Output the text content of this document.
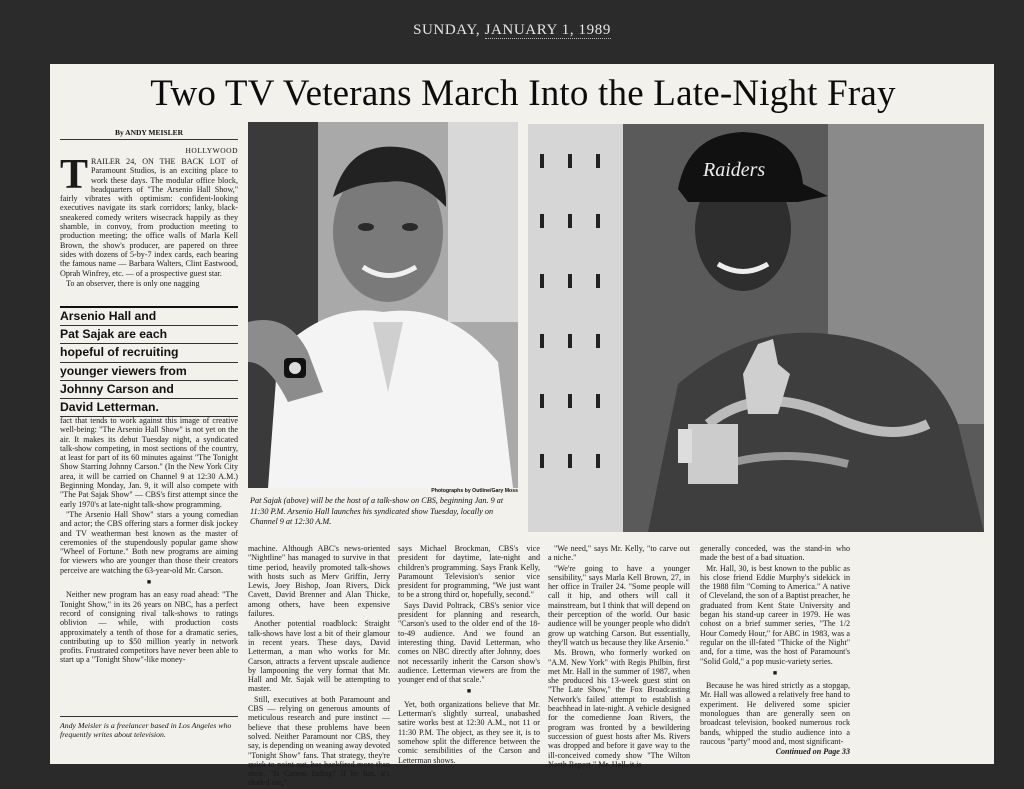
SUNDAY, JANUARY 1, 1989
Two TV Veterans March Into the Late-Night Fray
By ANDY MEISLER
HOLLYWOOD

TRAILER 24, ON THE BACK LOT of Paramount Studios, is an exciting place to work these days. The modular office block, headquarters of "The Arsenio Hall Show," fairly vibrates with optimism: confident-looking executives navigate its stark corridors; lanky, black-sneakered comedy writers wisecrack happily as they shamble, in convoy, from production meeting to production meeting; the office walls of Marla Kell Brown, the show's producer, are papered on three sides with dozens of 5-by-7 index cards, each bearing the famous name — Barbara Walters, Clint Eastwood, Oprah Winfrey, etc. — of a prospective guest star.

To an observer, there is only one nagging

Arsenio Hall and
Pat Sajak are each
hopeful of recruiting
younger viewers from
Johnny Carson and
David Letterman.

fact that tends to work against this image of creative well-being: "The Arsenio Hall Show" is not yet on the air. It makes its debut Tuesday night, a syndicated talk-show competing, in most sections of the country, at least for part of its 60 minutes against "The Tonight Show Starring Johnny Carson." (In the New York City area, it will be carried on Channel 9 at 12:30 A.M.) Beginning Monday, Jan. 9, it will also compete with "The Pat Sajak Show" — CBS's first attempt since the early 1970's at late-night talk-show programming.

"The Arsenio Hall Show" stars a young comedian and actor; the CBS offering stars a former disk jockey and TV weatherman best known as the master of ceremonies of the stupendously popular game show "Wheel of Fortune." Both new programs are aiming for viewers who are younger than those their creators perceive are watching the 63-year-old Mr. Carson.

■

Neither new program has an easy road ahead: "The Tonight Show," in its 26 years on NBC, has a perfect record of consigning rival talk-shows to ratings oblivion — while, with production costs approximately a tenth of those for a dramatic series, contributing up to $50 million yearly in network profits. Frustrated competitors have never been able to start up a "Tonight Show"-like money-

Andy Meisler is a freelancer based in Los Angeles who frequently writes about television.
Raiders
Photographs by Outline/Gary Moss
Pat Sajak (above) will be the host of a talk-show on CBS, beginning Jan. 9 at 11:30 P.M. Arsenio Hall launches his syndicated show Tuesday, locally on Channel 9 at 12:30 A.M.

machine. Although ABC's news-oriented "Nightline" has managed to survive in that time period, heavily promoted talk-shows with hosts such as Merv Griffin, Jerry Lewis, Joey Bishop, Joan Rivers, Dick Cavett, David Brenner and Alan Thicke, among others, have been expensive failures.

Another potential roadblock: Straight talk-shows have lost a bit of their glamour in recent years. These days, David Letterman, a man who works for Mr. Carson, attracts a fervent upscale audience by lampooning the very format that Mr. Hall and Mr. Sajak will be attempting to master.

Still, executives at both Paramount and CBS — relying on generous amounts of meticulous research and pure instinct — believe that these problems have been solved. Neither Paramount nor CBS, they say, is depending on weaning away devoted "Tonight Show" fans. That strategy, they're quick to point out, has backfired more than once. "Is Carson fading? If he has, it's eluded me,"

says Michael Brockman, CBS's vice president for daytime, late-night and children's programming. Says Frank Kelly, Paramount Television's senior vice president for programming, "We just want to be a strong third or, hopefully, second."

Says David Poltrack, CBS's senior vice president for planning and research, "Carson's used to the older end of the 18-to-49 audience. And we found an interesting thing. David Letterman, who comes on NBC directly after Johnny, does not necessarily inherit the Carson show's audience. Letterman viewers are from the younger end of that scale."

■

Yet, both organizations believe that Mr. Letterman's slightly surreal, unabashed satire works best at 12:30 A.M., not 11 or 11:30 P.M. The object, as they see it, is to somehow split the difference between the comic sensibilities of the Carson and Letterman shows.

"We need," says Mr. Kelly, "to carve out a niche."

"We're going to have a younger sensibility," says Marla Kell Brown, 27, in her office in Trailer 24. "Some people will call it hip, and others will call it mainstream, but I think that will depend on their perception of the world. Our basic audience will be younger people who didn't grow up watching Carson. But essentially, they'll watch us because they like Arsenio."

Ms. Brown, who formerly worked on "A.M. New York" with Regis Philbin, first met Mr. Hall in the summer of 1987, when she produced his 13-week guest stint on "The Late Show," the Fox Broadcasting Network's failed attempt to establish a beachhead in late-night. A vehicle designed for the comedienne Joan Rivers, the program was fronted by a bewildering succession of guest hosts after Ms. Rivers was dropped and before it gave way to the ill-conceived comedy show "The Wilton North Report." Mr. Hall, it is

generally conceded, was the stand-in who made the best of a bad situation.

Mr. Hall, 30, is best known to the public as his close friend Eddie Murphy's sidekick in the 1988 film "Coming to America." A native of Cleveland, the son of a Baptist preacher, he graduated from Kent State University and began his stand-up career in 1979. He was cohost on a brief summer series, "The 1/2 Hour Comedy Hour," for ABC in 1983, was a regular on the ill-fated "Thicke of the Night" and, for a time, was the host of Paramount's "Solid Gold," a pop music-variety series.

■

Because he was hired strictly as a stopgap, Mr. Hall was allowed a relatively free hand to experiment. He delivered some spicier monologues than are generally seen on broadcast television, booked numerous rock bands, whipped the studio audience into a raucous "party" mood and, most significant-

Continued on Page 33
